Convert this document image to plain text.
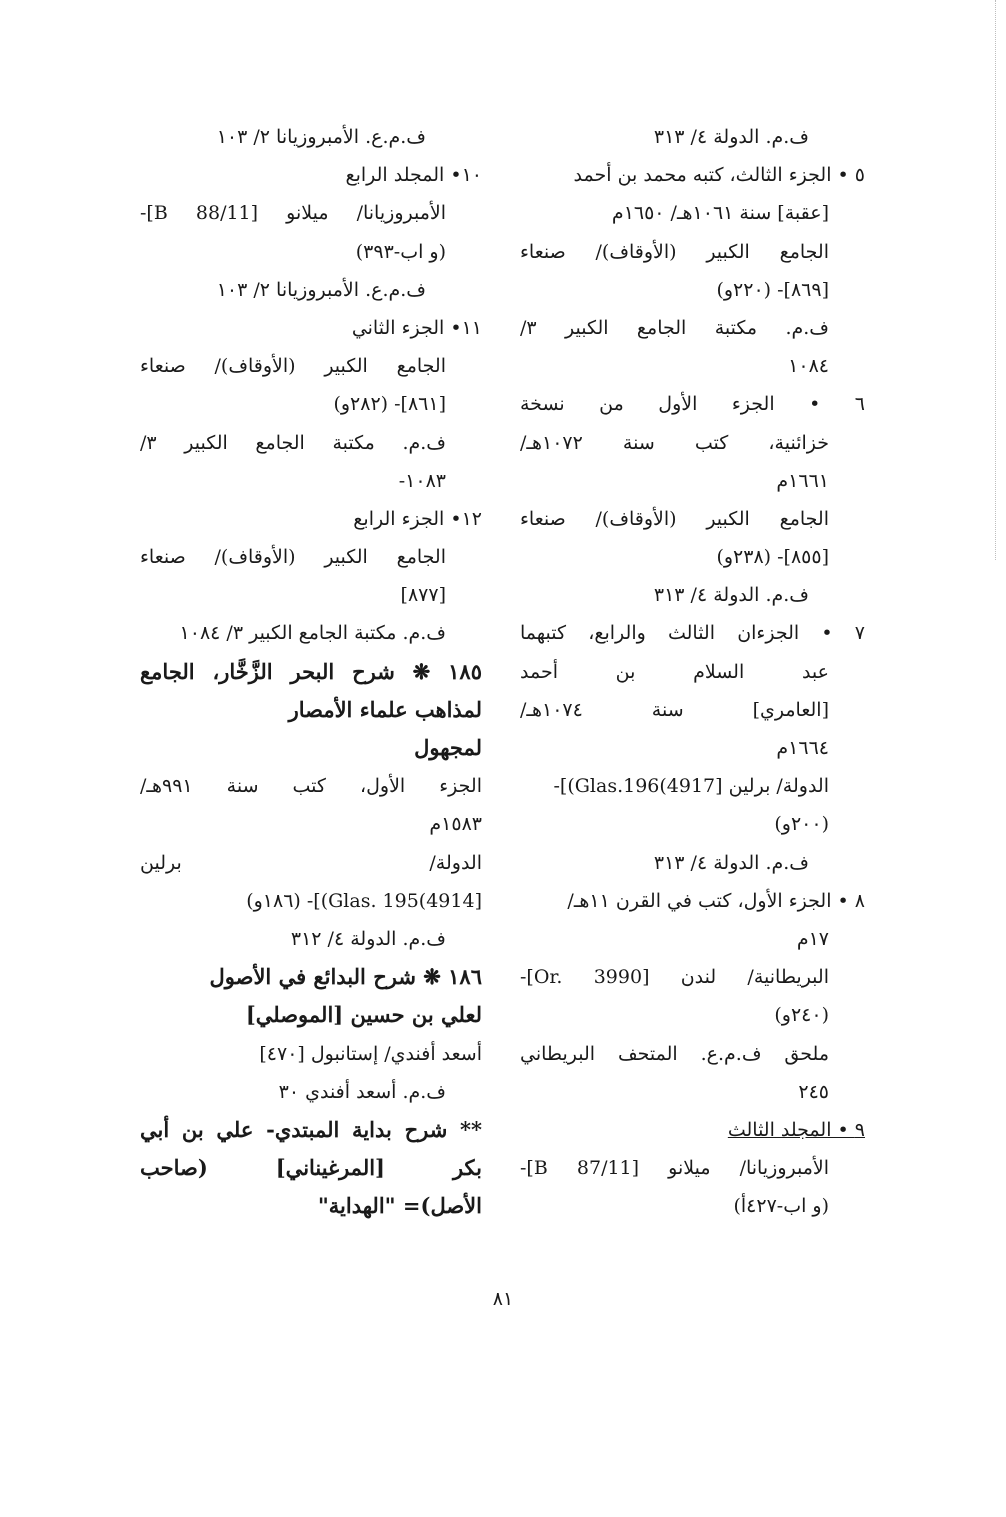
ف.م. الدولة ٤/ ٣١٣
٥ • الجزء الثالث، كتبه محمد بن أحمد
[عقبة] سنة ١٠٦١هـ/ ١٦٥٠م
الجامع الكبير (الأوقاف)/ صنعاء
[٨٦٩]- (٢٢٠و)
ف.م. مكتبة الجامع الكبير ٣/
١٠٨٤
٦ • الجزء الأول من نسخة
خزائنية، كتب سنة ١٠٧٢هـ/
١٦٦١م
الجامع الكبير (الأوقاف)/ صنعاء
[٨٥٥]- (٢٣٨و)
ف.م. الدولة ٤/ ٣١٣
٧ • الجزءان الثالث والرابع، كتبهما
عبد السلام بن أحمد
[العامري] سنة ١٠٧٤هـ/
١٦٦٤م
الدولة/ برلين [4917)Glas.196)]-
(٢٠٠و)
ف.م. الدولة ٤/ ٣١٣
٨ • الجزء الأول، كتب في القرن ١١هـ/
١٧م
البريطانية/ لندن [Or. 3990]-
(٢٤٠و)
ملحق ف.م.ع. المتحف البريطاني
٢٤٥
٩ • المجلد الثالث
الأمبروزيانا/ ميلانو [B 87/11]-
(و اب-٤٢٧أ)
ف.م.ع. الأمبروزيانا ٢/ ١٠٣
١٠• المجلد الرابع
الأمبروزيانا/ ميلانو [B 88/11]-
(و اب-٣٩٣)
ف.م.ع. الأمبروزيانا ٢/ ١٠٣
١١• الجزء الثاني
الجامع الكبير (الأوقاف)/ صنعاء
[٨٦١]- (٢٨٢و)
ف.م. مكتبة الجامع الكبير ٣/
١٠٨٣-
١٢• الجزء الرابع
الجامع الكبير (الأوقاف)/ صنعاء
[٨٧٧]
ف.م. مكتبة الجامع الكبير ٣/ ١٠٨٤
١٨٥ ❋ شرح البحر الزَّخَّار، الجامع
لمذاهب علماء الأمصار
لمجهول
الجزء الأول، كتب سنة ٩٩١هـ/
١٥٨٣م
الدولة/ برلين
[4914)Glas. 195)]- (١٨٦و)
ف.م. الدولة ٤/ ٣١٢
١٨٦ ❋ شرح البدائع في الأصول
لعلي بن حسين [الموصلي]
أسعد أفندي/ إستانبول [٤٧٠]
ف.م. أسعد أفندي ٣٠
** شرح بداية المبتدي- علي بن أبي
بكر [المرغيناني] (صاحب
الأصل)= "الهداية"
٨١
